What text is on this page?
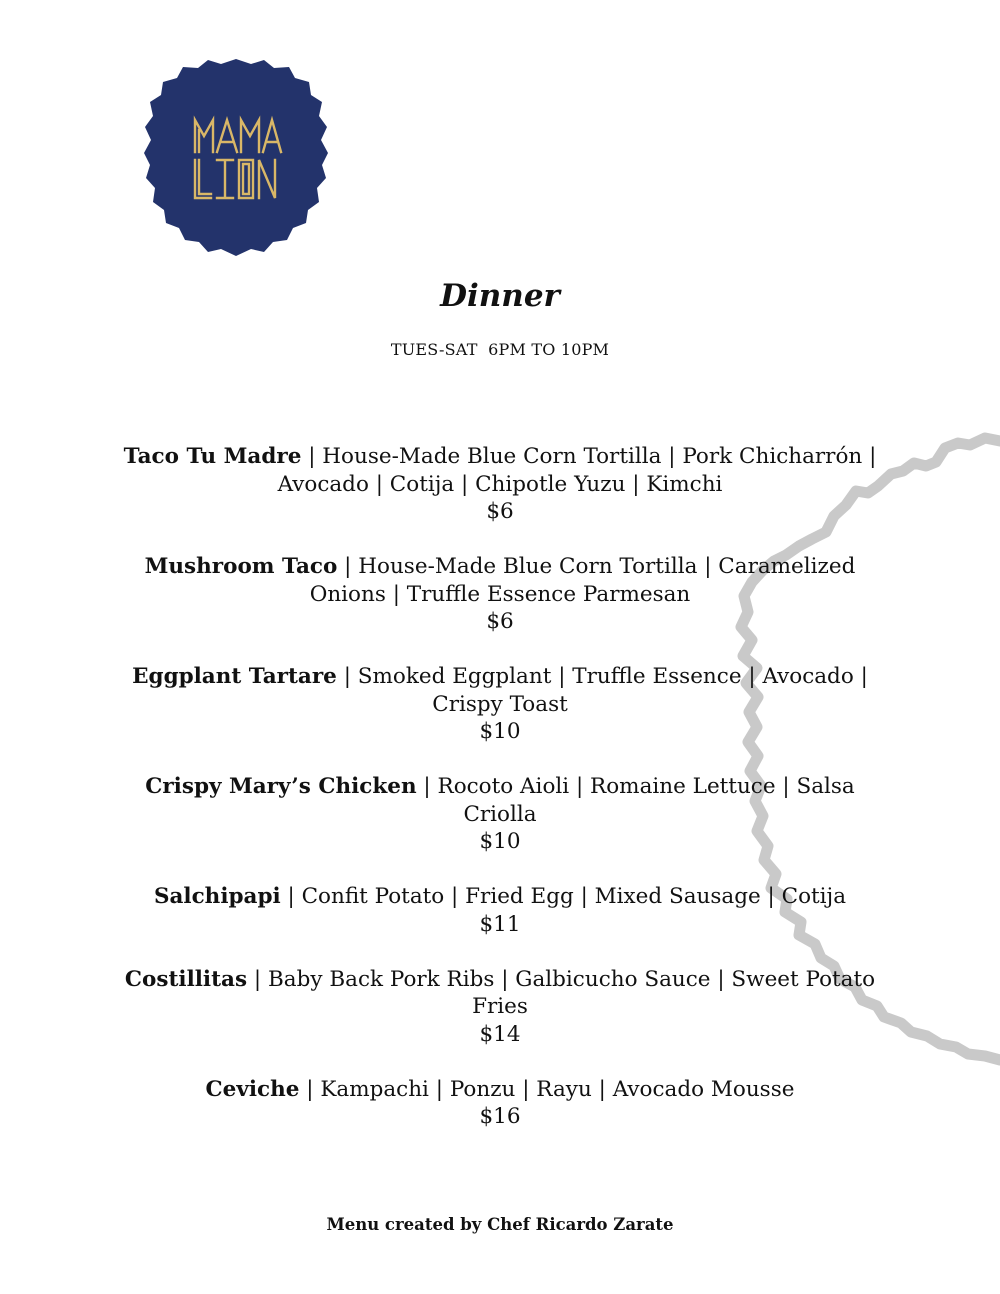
Dinner
TUES-SAT  6PM TO 10PM
Taco Tu Madre | House-Made Blue Corn Tortilla | Pork Chicharrón | Avocado | Cotija | Chipotle Yuzu | Kimchi
$6
Mushroom Taco | House-Made Blue Corn Tortilla | Caramelized Onions | Truffle Essence Parmesan
$6
Eggplant Tartare | Smoked Eggplant | Truffle Essence | Avocado | Crispy Toast
$10
Crispy Mary’s Chicken | Rocoto Aioli | Romaine Lettuce | Salsa Criolla
$10
Salchipapi | Confit Potato | Fried Egg | Mixed Sausage | Cotija
$11
Costillitas | Baby Back Pork Ribs | Galbicucho Sauce | Sweet Potato Fries
$14
Ceviche | Kampachi | Ponzu | Rayu | Avocado Mousse
$16
Menu created by Chef Ricardo Zarate
